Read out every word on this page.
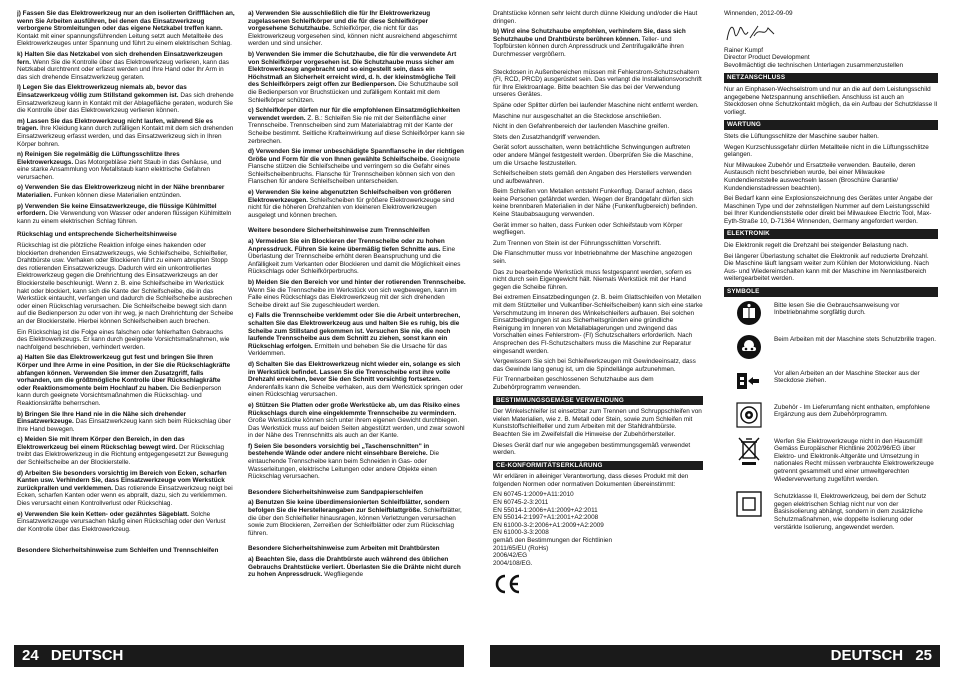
j) Fassen Sie das Elektrowerkzeug nur an den isolierten Griffflächen an, wenn Sie Arbeiten ausführen, bei denen das Einsatzwerkzeug verborgene Stromleitungen oder das eigene Netzkabel treffen kann. Kontakt mit einer spannungsführenden Leitung setzt auch Metallteile des Elektrowerkzeuges unter Spannung und führt zu einem elektrischen Schlag.

k) Halten Sie das Netzkabel von sich drehenden Einsatzwerkzeugen fern. Wenn Sie die Kontrolle über das Elektrowerkzeug verlieren, kann das Netzkabel durchtrennt oder erfasst werden und Ihre Hand oder Ihr Arm in das sich drehende Einsatzwerkzeug geraten.

l) Legen Sie das Elektrowerkzeug niemals ab, bevor das Einsatzwerkzeug völlig zum Stillstand gekommen ist. Das sich drehende Einsatzwerkzeug kann in Kontakt mit der Ablagefläche geraten, wodurch Sie die Kontrolle über das Elektrowerkzeug verlieren können.

m) Lassen Sie das Elektrowerkzeug nicht laufen, während Sie es tragen. Ihre Kleidung kann durch zufälligen Kontakt mit dem sich drehenden Einsatzwerkzeug erfasst werden, und das Einsatzwerkzeug sich in Ihren Körper bohren.

n) Reinigen Sie regelmäßig die Lüftungsschlitze Ihres Elektrowerkzeugs. Das Motorgebläse zieht Staub in das Gehäuse, und eine starke Ansammlung von Metallstaub kann elektrische Gefahren verursachen.

o) Verwenden Sie das Elektrowerkzeug nicht in der Nähe brennbarer Materialien. Funken können diese Materialien entzünden.

p) Verwenden Sie keine Einsatzwerkzeuge, die flüssige Kühlmittel erfordern. Die Verwendung von Wasser oder anderen flüssigen Kühlmitteln kann zu einem elektrischen Schlag führen.

Rückschlag und entsprechende Sicherheitshinweise

Rückschlag ist die plötzliche Reaktion infolge eines hakenden oder blockierten drehenden Einsatzwerkzeugs, wie Schleifscheibe, Schleifteller, Drahtbürste usw. Verhaken oder Blockieren führt zu einem abrupten Stopp des rotierenden Einsatzwerkzeugs. Dadurch wird ein unkontrolliertes Elektrowerkzeug gegen die Drehrichtung des Einsatzwerkzeugs an der Blockierstelle beschleunigt. Wenn z. B. eine Schleifscheibe im Werkstück hakt oder blockiert, kann sich die Kante der Schleifscheibe, die in das Werkstück eintaucht, verfangen und dadurch die Schleifscheibe ausbrechen oder einen Rückschlag verursachen. Die Schleifscheibe bewegt sich dann auf die Bedienperson zu oder von ihr weg, je nach Drehrichtung der Scheibe an der Blockierstelle. Hierbei können Schleifscheiben auch brechen.

Ein Rückschlag ist die Folge eines falschen oder fehlerhaften Gebrauchs des Elektrowerkzeugs. Er kann durch geeignete Vorsichtsmaßnahmen, wie nachfolgend beschrieben, verhindert werden.

a) Halten Sie das Elektrowerkzeug gut fest und bringen Sie Ihren Körper und Ihre Arme in eine Position, in der Sie die Rückschlagkräfte abfangen können. Verwenden Sie immer den Zusatzgriff, falls vorhanden, um die größtmögliche Kontrolle über Rückschlagkräfte oder Reaktionsmomente beim Hochlauf zu haben. Die Bedienperson kann durch geeignete Vorsichtsmaßnahmen die Rückschlag- und Reaktionskräfte beherrschen.

b) Bringen Sie Ihre Hand nie in die Nähe sich drehender Einsatzwerkzeuge. Das Einsatzwerkzeug kann sich beim Rückschlag über Ihre Hand bewegen.

c) Meiden Sie mit Ihrem Körper den Bereich, in den das Elektrowerkzeug bei einem Rückschlag bewegt wird. Der Rückschlag treibt das Elektrowerkzeug in die Richtung entgegengesetzt zur Bewegung der Schleifscheibe an der Blockierstelle.

d) Arbeiten Sie besonders vorsichtig im Bereich von Ecken, scharfen Kanten usw. Verhindern Sie, dass Einsatzwerkzeuge vom Werkstück zurückprallen und verklemmen. Das rotierende Einsatzwerkzeug neigt bei Ecken, scharfen Kanten oder wenn es abprallt, dazu, sich zu verklemmen. Dies verursacht einen Kontrollverlust oder Rückschlag.

e) Verwenden Sie kein Ketten- oder gezähntes Sägeblatt. Solche Einsatzwerkzeuge verursachen häufig einen Rückschlag oder den Verlust der Kontrolle über das Elektrowerkzeug.

Besondere Sicherheitshinweise zum Schleifen und Trennschleifen

a) Verwenden Sie ausschließlich die für Ihr Elektrowerkzeug zugelassenen Schleifkörper und die für diese Schleifkörper vorgesehene Schutzhaube. Schleifkörper, die nicht für das Elektrowerkzeug vorgesehen sind, können nicht ausreichend abgeschirmt werden und sind unsicher.

b) Verwenden Sie immer die Schutzhaube, die für die verwendete Art von Schleifkörper vorgesehen ist. Die Schutzhaube muss sicher am Elektrowerkzeug angebracht und so eingestellt sein, dass ein Höchstmaß an Sicherheit erreicht wird, d. h. der kleinstmögliche Teil des Schleifkörpers zeigt offen zur Bedienperson. Die Schutzhaube soll die Bedienperson vor Bruchstücken und zufälligem Kontakt mit dem Schleifkörper schützen.

c) Schleifkörper dürfen nur für die empfohlenen Einsatzmöglichkeiten verwendet werden. Z. B.: Schleifen Sie nie mit der Seitenfläche einer Trennscheibe. Trennscheiben sind zum Materialabtrag mit der Kante der Scheibe bestimmt. Seitliche Krafteinwirkung auf diese Schleifkörper kann sie zerbrechen.

d) Verwenden Sie immer unbeschädigte Spannflansche in der richtigen Größe und Form für die von Ihnen gewählte Schleifscheibe. Geeignete Flansche stützen die Schleifscheibe und verringern so die Gefahr eines Schleifscheibenbruchs. Flansche für Trennscheiben können sich von den Flanschen für andere Schleifscheiben unterscheiden.

e) Verwenden Sie keine abgenutzten Schleifscheiben von größeren Elektrowerkzeugen. Schleifscheiben für größere Elektrowerkzeuge sind nicht für die höheren Drehzahlen von kleineren Elektrowerkzeugen ausgelegt und können brechen.

Weitere besondere Sicherheitshinweise zum Trennschleifen

a) Vermeiden Sie ein Blockieren der Trennscheibe oder zu hohen Anpressdruck. Führen Sie keine übermäßig tiefen Schnitte aus. Eine Überlastung der Trennscheibe erhöht deren Beanspruchung und die Anfälligkeit zum Verkanten oder Blockieren und damit die Möglichkeit eines Rückschlags oder Schleifkörperbruchs.

b) Meiden Sie den Bereich vor und hinter der rotierenden Trennscheibe. Wenn Sie die Trennscheibe im Werkstück von sich wegbewegen, kann im Falle eines Rückschlags das Elektrowerkzeug mit der sich drehenden Scheibe direkt auf Sie zugeschleudert werden.

c) Falls die Trennscheibe verklemmt oder Sie die Arbeit unterbrechen, schalten Sie das Elektrowerkzeug aus und halten Sie es ruhig, bis die Scheibe zum Stillstand gekommen ist. Versuchen Sie nie, die noch laufende Trennscheibe aus dem Schnitt zu ziehen, sonst kann ein Rückschlag erfolgen. Ermitteln und beheben Sie die Ursache für das Verklemmen.

d) Schalten Sie das Elektrowerkzeug nicht wieder ein, solange es sich im Werkstück befindet. Lassen Sie die Trennscheibe erst ihre volle Drehzahl erreichen, bevor Sie den Schnitt vorsichtig fortsetzen. Anderenfalls kann die Scheibe verhaken, aus dem Werkstück springen oder einen Rückschlag verursachen.

e) Stützen Sie Platten oder große Werkstücke ab, um das Risiko eines Rückschlags durch eine eingeklemmte Trennscheibe zu vermindern. Große Werkstücke können sich unter ihrem eigenen Gewicht durchbiegen. Das Werkstück muss auf beiden Seiten abgestützt werden, und zwar sowohl in der Nähe des Trennschnitts als auch an der Kante.

f) Seien Sie besonders vorsichtig bei „Taschenschnitten" in bestehende Wände oder andere nicht einsehbare Bereiche. Die eintauchende Trennscheibe kann beim Schneiden in Gas- oder Wasserleitungen, elektrische Leitungen oder andere Objekte einen Rückschlag verursachen.

Besondere Sicherheitshinweise zum Sandpapierschleifen

a) Benutzen Sie keine überdimensionierten Schleifblätter, sondern befolgen Sie die Herstellerangaben zur Schleifblattgröße. Schleifblätter, die über den Schleifteller hinausragen, können Verletzungen verursachen sowie zum Blockieren, Zerreißen der Schleifblätter oder zum Rückschlag führen.

Besondere Sicherheitshinweise zum Arbeiten mit Drahtbürsten

a) Beachten Sie, dass die Drahtbürste auch während des üblichen Gebrauchs Drahtstücke verliert. Überlasten Sie die Drähte nicht durch zu hohen Anpressdruck. Wegfliegende

Drahtstücke können sehr leicht durch dünne Kleidung und/oder die Haut dringen.

b) Wird eine Schutzhaube empfohlen, verhindern Sie, dass sich Schutzhaube und Drahtbürste berühren können. Teller- und Topfbürsten können durch Anpressdruck und Zentrifugalkräfte ihren Durchmesser vergrößern.

Steckdosen in Außenbereichen müssen mit Fehlerstrom-Schutzschaltern (FI, RCD, PRCD) ausgerüstet sein. Das verlangt die Installationsvorschrift für Ihre Elektroanlage. Bitte beachten Sie das bei der Verwendung unseres Gerätes.

Späne oder Splitter dürfen bei laufender Maschine nicht entfernt werden.

Maschine nur ausgeschaltet an die Steckdose anschließen.

Nicht in den Gefahrenbereich der laufenden Maschine greifen.

Stets den Zusatzhandgriff verwenden.

Gerät sofort ausschalten, wenn beträchtliche Schwingungen auftreten oder andere Mängel festgestellt werden. Überprüfen Sie die Maschine, um die Ursache festzustellen.

Schleifscheiben stets gemäß den Angaben des Herstellers verwenden und aufbewahren.

Beim Schleifen von Metallen entsteht Funkenflug. Darauf achten, dass keine Personen gefährdet werden. Wegen der Brandgefahr dürfen sich keine brennbaren Materialien in der Nähe (Funkenflugbereich) befinden. Keine Staubabsaugung verwenden.

Gerät immer so halten, dass Funken oder Schleifstaub vom Körper wegfliegen.

Zum Trennen von Stein ist der Führungsschlitten Vorschrift.

Die Flanschmutter muss vor Inbetriebnahme der Maschine angezogen sein.

Das zu bearbeitende Werkstück muss festgespannt werden, sofern es nicht durch sein Eigengewicht hält. Niemals Werkstück mit der Hand gegen die Scheibe führen.

Bei extremen Einsatzbedingungen (z. B. beim Glattschleifen von Metallen mit dem Stützteller und Vulkanfiber-Schleifscheiben) kann sich eine starke Verschmutzung im Inneren des Winkelschleifers aufbauen. Bei solchen Einsatzbedingungen ist aus Sicherheitsgründen eine gründliche Reinigung im Inneren von Metallablagerungen und zwingend das Vorschalten eines Fehlerstrom- (FI) Schutzschalters erforderlich. Nach Ansprechen des FI-Schutzschalters muss die Maschine zur Reparatur eingesandt werden.

Vergewissern Sie sich bei Schleifwerkzeugen mit Gewindeeinsatz, dass das Gewinde lang genug ist, um die Spindellänge aufzunehmen.

Für Trennarbeiten geschlossenen Schutzhaube aus dem Zubehörprogramm verwenden.

BESTIMMUNGSGEMÄSE VERWENDUNG

Der Winkelschleifer ist einsetzbar zum Trennen und Schruppschleifen von vielen Materialien, wie z. B. Metall oder Stein, sowie zum Schleifen mit Kunststoffschleifteller und zum Arbeiten mit der Stahldrahtbürste. Beachten Sie im Zweifelsfall die Hinweise der Zubehörhersteller.

Dieses Gerät darf nur wie angegeben bestimmungsgemäß verwendet werden.

CE-KONFORMITÄTSERKLÄRUNG

Wir erklären in alleiniger Verantwortung, dass dieses Produkt mit den folgenden Normen oder normativen Dokumenten übereinstimmt:

EN 60745-1:2009+A11:2010
EN 60745-2-3:2011
EN 55014-1:2006+A1:2009+A2:2011
EN 55014-2:1997+A1:2001+A2:2008
EN 61000-3-2:2006+A1:2009+A2:2009
EN 61000-3-3:2008
gemäß den Bestimmungen der Richtlinien
2011/65/EU (RoHs)
2006/42/EG
2004/108/EG.

Winnenden, 2012-09-09

Rainer Kumpf
Director Product Development

Bevollmächtigt die technischen Unterlagen zusammenzustellen

NETZANSCHLUSS

Nur an Einphasen-Wechselstrom und nur an die auf dem Leistungsschild angegebene Netzspannung anschließen. Anschluss ist auch an Steckdosen ohne Schutzkontakt möglich, da ein Aufbau der Schutzklasse II vorliegt.

WARTUNG

Stets die Lüftungsschlitze der Maschine sauber halten.

Wegen Kurzschlussgefahr dürfen Metallteile nicht in die Lüftungsschlitze gelangen.

Nur Milwaukee Zubehör und Ersatzteile verwenden. Bauteile, deren Austausch nicht beschrieben wurde, bei einer Milwaukee Kundendienststelle auswechseln lassen (Broschüre Garantie/ Kundendienstadressen beachten).

Bei Bedarf kann eine Explosionszeichnung des Gerätes unter Angabe der Maschinen Type und der zehnstelligen Nummer auf dem Leistungsschild bei Ihrer Kundendienststelle oder direkt bei Milwaukee Electric Tool, Max-Eyth-Straße 10, D-71364 Winnenden, Germany angefordert werden.

ELEKTRONIK

Die Elektronik regelt die Drehzahl bei steigender Belastung nach.

Bei längerer Überlastung schaltet die Elektronik auf reduzierte Drehzahl. Die Maschine läuft langsam weiter zum Kühlen der Motorwicklung. Nach Aus- und Wiedereinschalten kann mit der Maschine im Nennlastbereich weitergearbeitet werden.

SYMBOLE
Bitte lesen Sie die Gebrauchsanweisung vor Inbetriebnahme sorgfältig durch.
Beim Arbeiten mit der Maschine stets Schutzbrille tragen.
Vor allen Arbeiten an der Maschine Stecker aus der Steckdose ziehen.
Zubehör - Im Lieferumfang nicht enthalten, empfohlene Ergänzung aus dem Zubehörprogramm.
Werfen Sie Elektrowerkzeuge nicht in den Hausmüll! Gemäss Europäischer Richtlinie 2002/96/EG über Elektro- und Elektronik-Altgeräte und Umsetzung in nationales Recht müssen verbrauchte Elektrowerkzeuge getrennt gesammelt und einer umweltgerechten Wiederverwertung zugeführt werden.
Schutzklasse II, Elektrowerkzeug, bei dem der Schutz gegen elektrischen Schlag nicht nur von der Basisisolierung abhängt, sondern in dem zusätzliche Schutzmaßnahmen, wie doppelte Isolierung oder verstärkte Isolierung, angewendet werden.
24 DEUTSCH	DEUTSCH 25
